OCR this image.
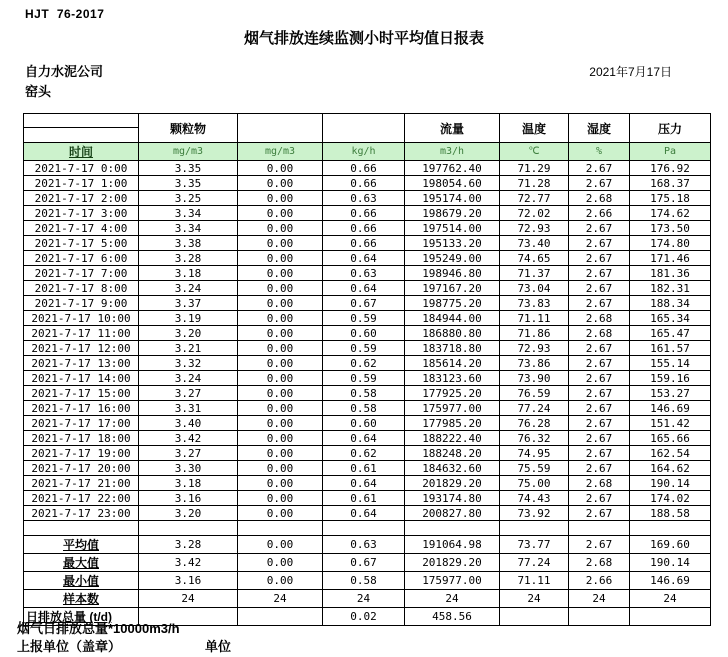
HJT  76-2017
烟气排放连续监测小时平均值日报表
自力水泥公司
窑头
2021年7月17日
	颗粒物			流量	温度	湿度	压力
时间	mg/m3	mg/m3	kg/h	m3/h	℃	%	Pa
2021-7-17 0:00	3.35	0.00	0.66	197762.40	71.29	2.67	176.92
2021-7-17 1:00	3.35	0.00	0.66	198054.60	71.28	2.67	168.37
2021-7-17 2:00	3.25	0.00	0.63	195174.00	72.77	2.68	175.18
2021-7-17 3:00	3.34	0.00	0.66	198679.20	72.02	2.66	174.62
2021-7-17 4:00	3.34	0.00	0.66	197514.00	72.93	2.67	173.50
2021-7-17 5:00	3.38	0.00	0.66	195133.20	73.40	2.67	174.80
2021-7-17 6:00	3.28	0.00	0.64	195249.00	74.65	2.67	171.46
2021-7-17 7:00	3.18	0.00	0.63	198946.80	71.37	2.67	181.36
2021-7-17 8:00	3.24	0.00	0.64	197167.20	73.04	2.67	182.31
2021-7-17 9:00	3.37	0.00	0.67	198775.20	73.83	2.67	188.34
2021-7-17 10:00	3.19	0.00	0.59	184944.00	71.11	2.68	165.34
2021-7-17 11:00	3.20	0.00	0.60	186880.80	71.86	2.68	165.47
2021-7-17 12:00	3.21	0.00	0.59	183718.80	72.93	2.67	161.57
2021-7-17 13:00	3.32	0.00	0.62	185614.20	73.86	2.67	155.14
2021-7-17 14:00	3.24	0.00	0.59	183123.60	73.90	2.67	159.16
2021-7-17 15:00	3.27	0.00	0.58	177925.20	76.59	2.67	153.27
2021-7-17 16:00	3.31	0.00	0.58	175977.00	77.24	2.67	146.69
2021-7-17 17:00	3.40	0.00	0.60	177985.20	76.28	2.67	151.42
2021-7-17 18:00	3.42	0.00	0.64	188222.40	76.32	2.67	165.66
2021-7-17 19:00	3.27	0.00	0.62	188248.20	74.95	2.67	162.54
2021-7-17 20:00	3.30	0.00	0.61	184632.60	75.59	2.67	164.62
2021-7-17 21:00	3.18	0.00	0.64	201829.20	75.00	2.68	190.14
2021-7-17 22:00	3.16	0.00	0.61	193174.80	74.43	2.67	174.02
2021-7-17 23:00	3.20	0.00	0.64	200827.80	73.92	2.67	188.58

平均值	3.28	0.00	0.63	191064.98	73.77	2.67	169.60
最大值	3.42	0.00	0.67	201829.20	77.24	2.68	190.14
最小值	3.16	0.00	0.58	175977.00	71.11	2.66	146.69
样本数	24	24	24	24	24	24	24
日排放总量 (t/d)			0.02	458.56			
烟气日排放总量*10000m3/h
上报单位（盖章）	单位
